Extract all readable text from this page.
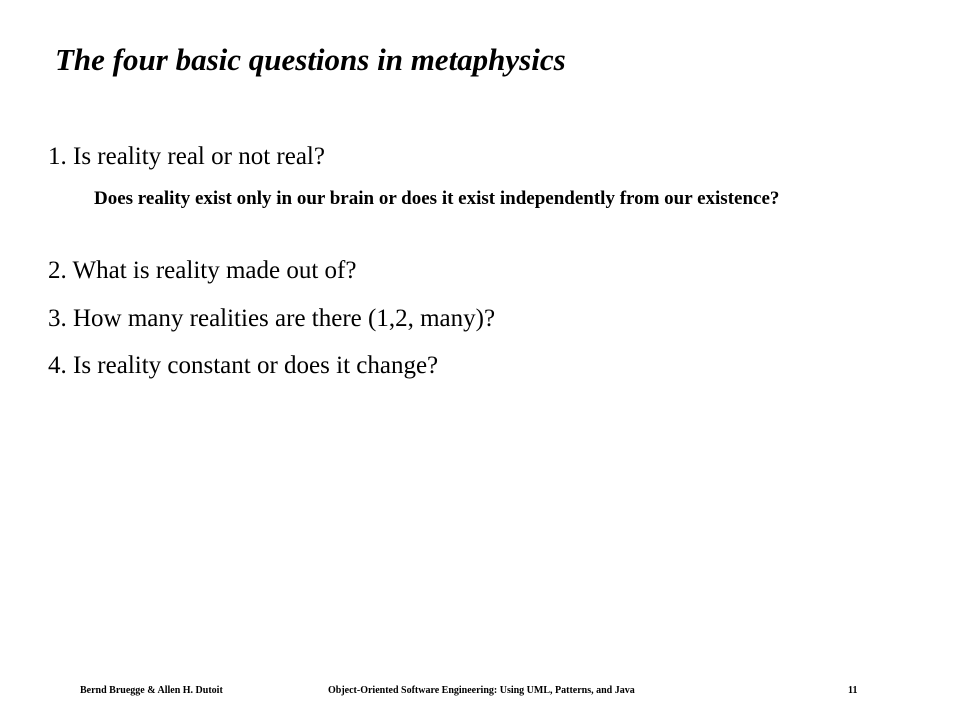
The four basic questions in metaphysics
1. Is reality real or not real?
Does reality exist only in our brain or does it exist independently from our existence?
2. What is reality made out of?
3. How many realities are there (1,2, many)?
4. Is reality constant or does it change?
Bernd Bruegge & Allen H. Dutoit	Object-Oriented Software Engineering: Using UML, Patterns, and Java	11
